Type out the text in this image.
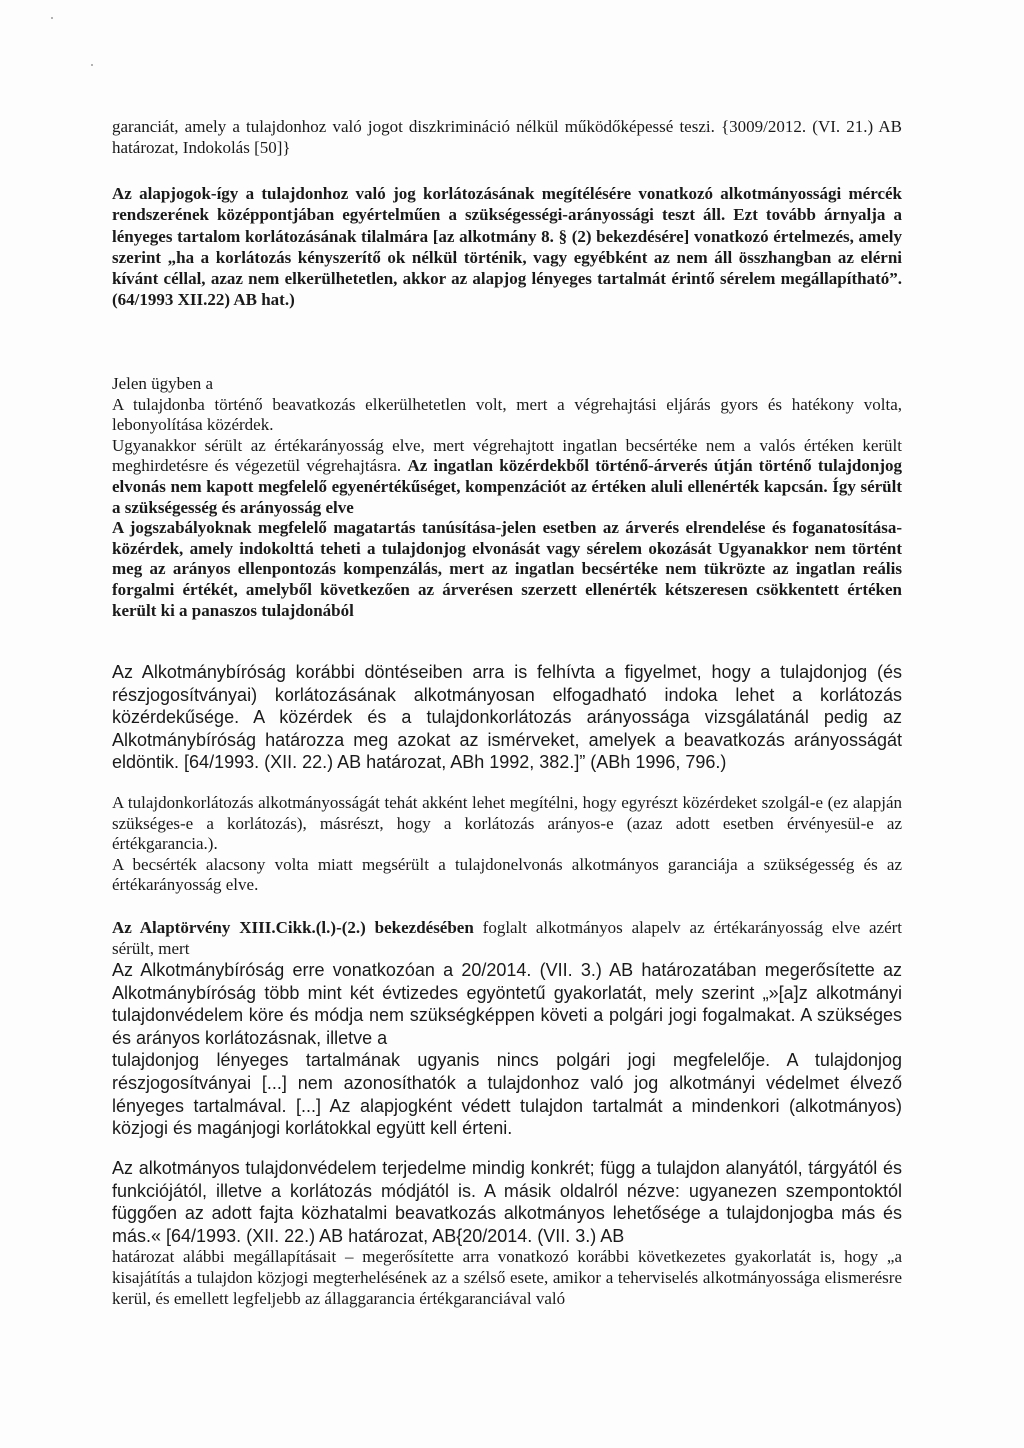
garanciát, amely a tulajdonhoz való jogot diszkrimináció nélkül működőképessé teszi. {3009/2012. (VI. 21.) AB határozat, Indokolás [50]}

Az alapjogok-így a tulajdonhoz való jog korlátozásának megítélésére vonatkozó alkotmányossági mércék rendszerének középpontjában egyértelműen a szükségességi-arányossági teszt áll. Ezt tovább árnyalja a lényeges tartalom korlátozásának tilalmára [az alkotmány 8. § (2) bekezdésére] vonatkozó értelmezés, amely szerint „ha a korlátozás kényszerítő ok nélkül történik, vagy egyébként az nem áll összhangban az elérni kívánt céllal, azaz nem elkerülhetetlen, akkor az alapjog lényeges tartalmát érintő sérelem megállapítható”. (64/1993 XII.22) AB hat.)

Jelen ügyben a
A tulajdonba történő beavatkozás elkerülhetetlen volt, mert a végrehajtási eljárás gyors és hatékony volta, lebonyolítása közérdek.
Ugyanakkor sérült az értékarányosság elve, mert végrehajtott ingatlan becsértéke nem a valós értéken került meghirdetésre és végezetül végrehajtásra. Az ingatlan közérdekből történő-árverés útján történő tulajdonjog elvonás nem kapott megfelelő egyenértékűséget, kompenzációt az értéken aluli ellenérték kapcsán. Így sérült a szükségesség és arányosság elve
A jogszabályoknak megfelelő magatartás tanúsítása-jelen esetben az árverés elrendelése és foganatosítása-közérdek, amely indokolttá teheti a tulajdonjog elvonását vagy sérelem okozását Ugyanakkor nem történt meg az arányos ellenpontozás kompenzálás, mert az ingatlan becsértéke nem tükrözte az ingatlan reális forgalmi értékét, amelyből következően az árverésen szerzett ellenérték kétszeresen csökkentett értéken került ki a panaszos tulajdonából

Az Alkotmánybíróság korábbi döntéseiben arra is felhívta a figyelmet, hogy a tulajdonjog (és részjogosítványai) korlátozásának alkotmányosan elfogadható indoka lehet a korlátozás közérdekűsége. A közérdek és a tulajdonkorlátozás arányossága vizsgálatánál pedig az Alkotmánybíróság határozza meg azokat az ismérveket, amelyek a beavatkozás arányosságát eldöntik. [64/1993. (XII. 22.) AB határozat, ABh 1992, 382.]” (ABh 1996, 796.)

A tulajdonkorlátozás alkotmányosságát tehát akként lehet megítélni, hogy egyrészt közérdeket szolgál-e (ez alapján szükséges-e a korlátozás), másrészt, hogy a korlátozás arányos-e (azaz adott esetben érvényesül-e az értékgarancia.).
A becsérték alacsony volta miatt megsérült a tulajdonelvonás alkotmányos garanciája a szükségesség és az értékarányosság elve.

Az Alaptörvény XIII.Cikk.(l.)-(2.) bekezdésében foglalt alkotmányos alapelv az értékarányosság elve azért sérült, mert

Az Alkotmánybíróság erre vonatkozóan a 20/2014. (VII. 3.) AB határozatában megerősítette az Alkotmánybíróság több mint két évtizedes egyöntetű gyakorlatát, mely szerint „»[a]z alkotmányi tulajdonvédelem köre és módja nem szükségképpen követi a polgári jogi fogalmakat. A szükséges és arányos korlátozásnak, illetve a
tulajdonjog lényeges tartalmának ugyanis nincs polgári jogi megfelelője. A tulajdonjog részjogosítványai [...] nem azonosíthatók a tulajdonhoz való jog alkotmányi védelmet élvező lényeges tartalmával. [...] Az alapjogként védett tulajdon tartalmát a mindenkori (alkotmányos) közjogi és magánjogi korlátokkal együtt kell érteni.
Az alkotmányos tulajdonvédelem terjedelme mindig konkrét; függ a tulajdon alanyától, tárgyától és funkciójától, illetve a korlátozás módjától is. A másik oldalról nézve: ugyanezen szempontoktól függően az adott fajta közhatalmi beavatkozás alkotmányos lehetősége a tulajdonjogba más és más.« [64/1993. (XII. 22.) AB határozat, AB{20/2014. (VII. 3.) AB
határozat alábbi megállapításait – megerősítette arra vonatkozó korábbi következetes gyakorlatát is, hogy „a kisajátítás a tulajdon közjogi megterhelésének az a szélső esete, amikor a teherviselés alkotmányossága elismerésre kerül, és emellett legfeljebb az állaggarancia értékgaranciával való
